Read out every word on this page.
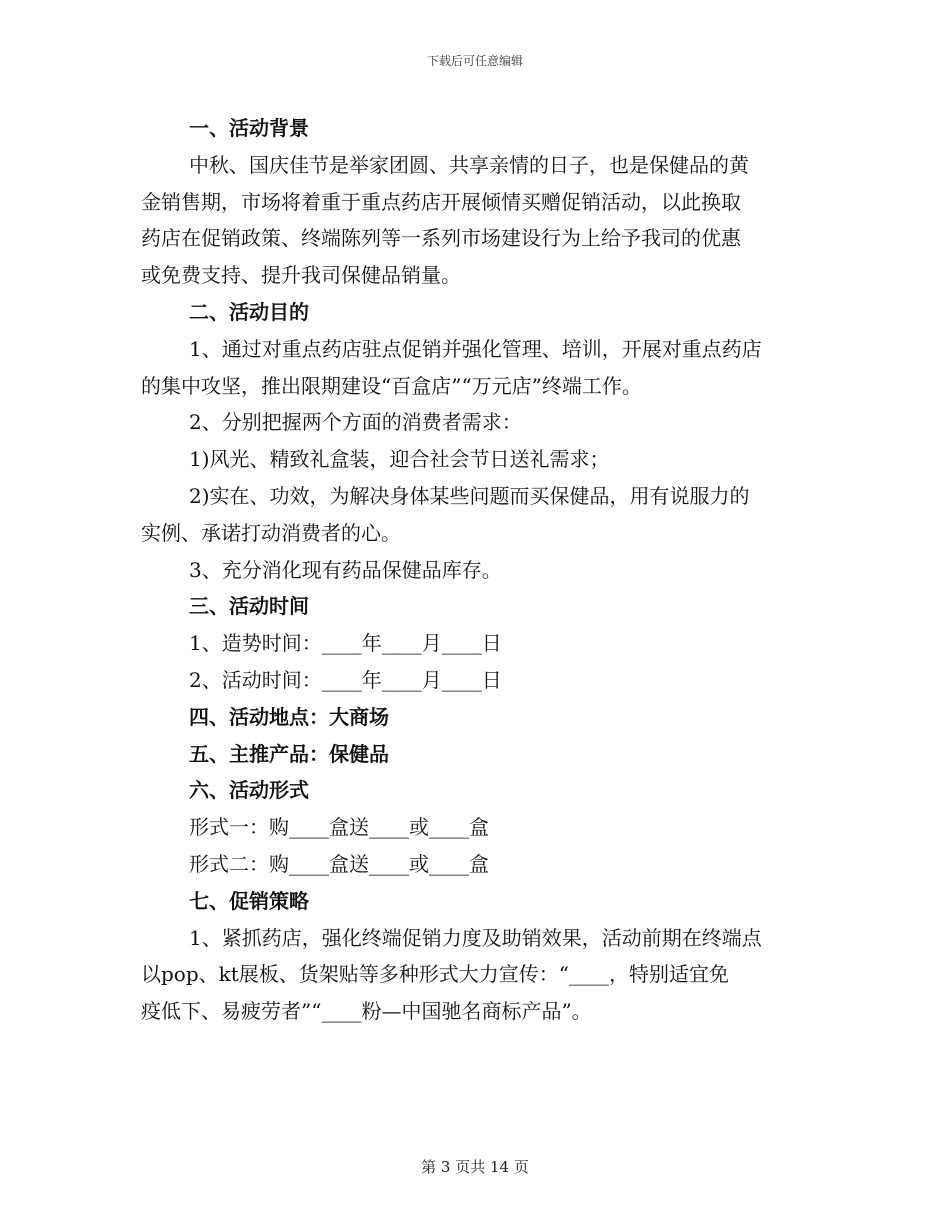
下载后可任意编辑
一、活动背景
中秋、国庆佳节是举家团圆、共享亲情的日子，也是保健品的黄
金销售期，市场将着重于重点药店开展倾情买赠促销活动，以此换取
药店在促销政策、终端陈列等一系列市场建设行为上给予我司的优惠
或免费支持、提升我司保健品销量。
二、活动目的
1、通过对重点药店驻点促销并强化管理、培训，开展对重点药店
的集中攻坚，推出限期建设“百盒店”“万元店”终端工作。
2、分别把握两个方面的消费者需求：
1)风光、精致礼盒装，迎合社会节日送礼需求；
2)实在、功效，为解决身体某些问题而买保健品，用有说服力的
实例、承诺打动消费者的心。
3、充分消化现有药品保健品库存。
三、活动时间
1、造势时间：____年____月____日
2、活动时间：____年____月____日
四、活动地点：大商场
五、主推产品：保健品
六、活动形式
形式一：购____盒送____或____盒
形式二：购____盒送____或____盒
七、促销策略
1、紧抓药店，强化终端促销力度及助销效果，活动前期在终端点
以pop、kt展板、货架贴等多种形式大力宣传：“____，特别适宜免
疫低下、易疲劳者”“____粉—中国驰名商标产品”。
第 3 页共 14 页
